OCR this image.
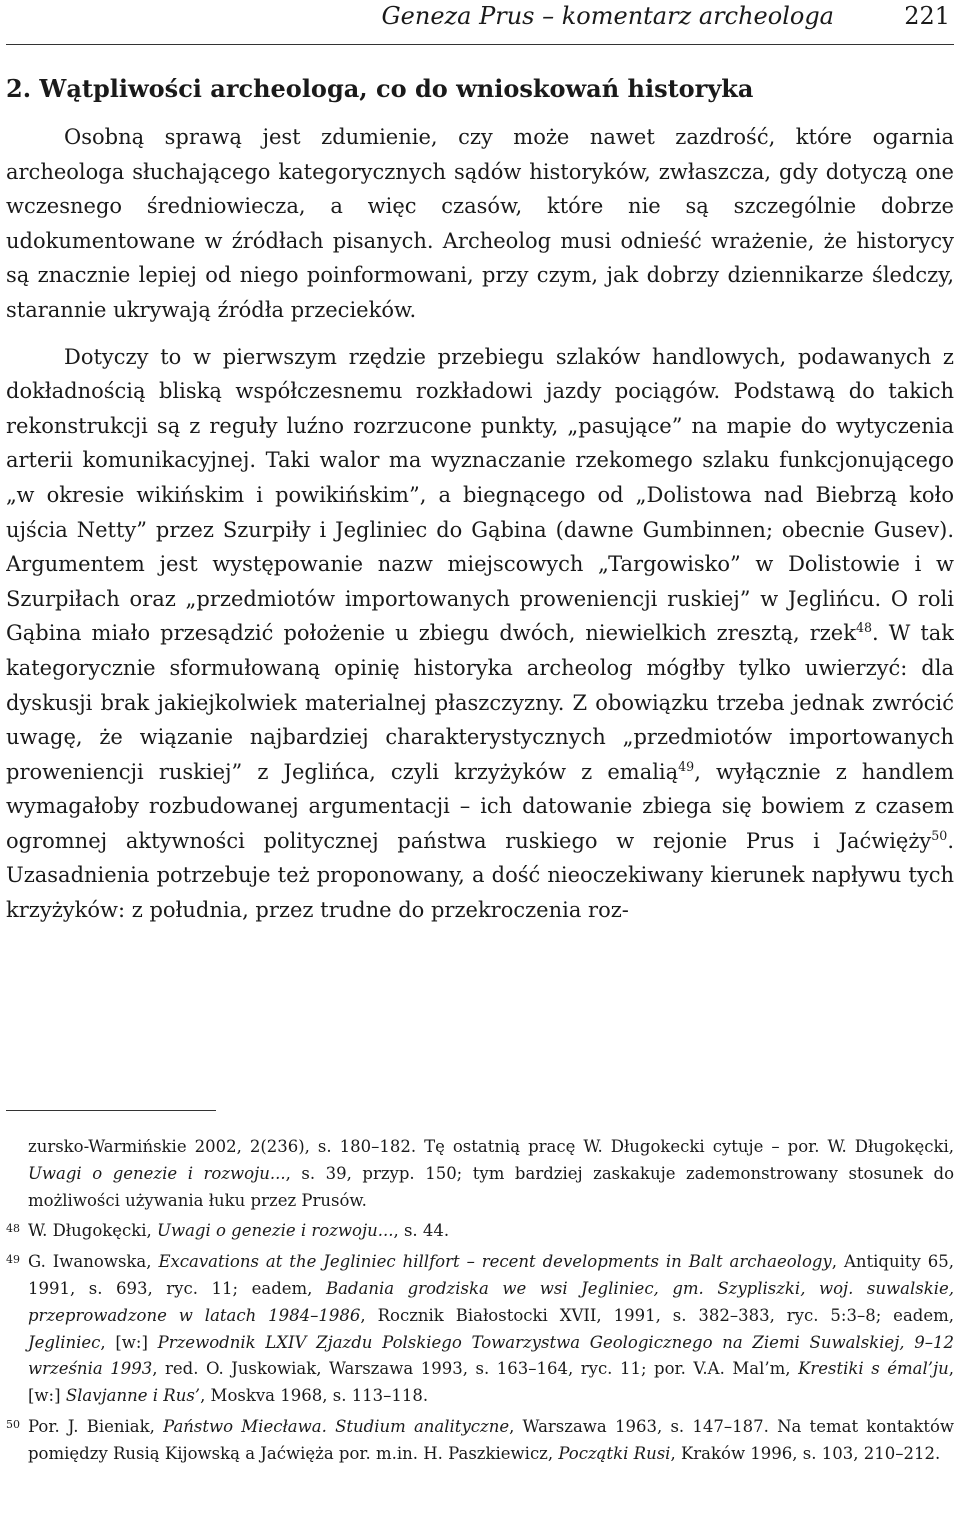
Geneza Prus – komentarz archeologa	221
2. Wątpliwości archeologa, co do wnioskowań historyka

Osobną sprawą jest zdumienie, czy może nawet zazdrość, które ogarnia archeologa słuchającego kategorycznych sądów historyków, zwłaszcza, gdy dotyczą one wczesnego średniowiecza, a więc czasów, które nie są szczególnie dobrze udokumentowane w źródłach pisanych. Archeolog musi odnieść wrażenie, że historycy są znacznie lepiej od niego poinformowani, przy czym, jak dobrzy dziennikarze śledczy, starannie ukrywają źródła przecieków.

Dotyczy to w pierwszym rzędzie przebiegu szlaków handlowych, podawanych z dokładnością bliską współczesnemu rozkładowi jazdy pociągów. Podstawą do takich rekonstrukcji są z reguły luźno rozrzucone punkty, „pasujące” na mapie do wytyczenia arterii komunikacyjnej. Taki walor ma wyznaczanie rzekomego szlaku funkcjonującego „w okresie wikińskim i powikińskim”, a biegnącego od „Dolistowa nad Biebrzą koło ujścia Netty” przez Szurpiły i Jegliniec do Gąbina (dawne Gumbinnen; obecnie Gusev). Argumentem jest występowanie nazw miejscowych „Targowisko” w Dolistowie i w Szurpiłach oraz „przedmiotów importowanych proweniencji ruskiej” w Jeglińcu. O roli Gąbina miało przesądzić położenie u zbiegu dwóch, niewielkich zresztą, rzek$^{48}$. W tak kategorycznie sformułowaną opinię historyka archeolog mógłby tylko uwierzyć: dla dyskusji brak jakiejkolwiek materialnej płaszczyzny. Z obowiązku trzeba jednak zwrócić uwagę, że wiązanie najbardziej charakterystycznych „przedmiotów importowanych proweniencji ruskiej” z Jeglińca, czyli krzyżyków z emalią$^{49}$, wyłącznie z handlem wymagałoby rozbudowanej argumentacji – ich datowanie zbiega się bowiem z czasem ogromnej aktywności politycznej państwa ruskiego w rejonie Prus i Jaćwięży$^{50}$. Uzasadnienia potrzebuje też proponowany, a dość nieoczekiwany kierunek napływu tych krzyżyków: z południa, przez trudne do przekroczenia roz-

zursko-Warmińskie 2002, 2(236), s. 180–182. Tę ostatnią pracę W. Długokecki cytuje – por. W. Długokęcki, Uwagi o genezie i rozwoju..., s. 39, przyp. 150; tym bardziej zaskakuje zademonstrowany stosunek do możliwości używania łuku przez Prusów.
48 W. Długokęcki, Uwagi o genezie i rozwoju..., s. 44.
49 G. Iwanowska, Excavations at the Jegliniec hillfort – recent developments in Balt archaeology, Antiquity 65, 1991, s. 693, ryc. 11; eadem, Badania grodziska we wsi Jegliniec, gm. Szypliszki, woj. suwalskie, przeprowadzone w latach 1984–1986, Rocznik Białostocki XVII, 1991, s. 382–383, ryc. 5:3–8; eadem, Jegliniec, [w:] Przewodnik LXIV Zjazdu Polskiego Towarzystwa Geologicznego na Ziemi Suwalskiej, 9–12 września 1993, red. O. Juskowiak, Warszawa 1993, s. 163–164, ryc. 11; por. V.A. Mal’m, Krestiki s émal’ju, [w:] Slavjanne i Rus’, Moskva 1968, s. 113–118.
50 Por. J. Bieniak, Państwo Miecława. Studium analityczne, Warszawa 1963, s. 147–187. Na temat kontaktów pomiędzy Rusią Kijowską a Jaćwięża por. m.in. H. Paszkiewicz, Początki Rusi, Kraków 1996, s. 103, 210–212.
